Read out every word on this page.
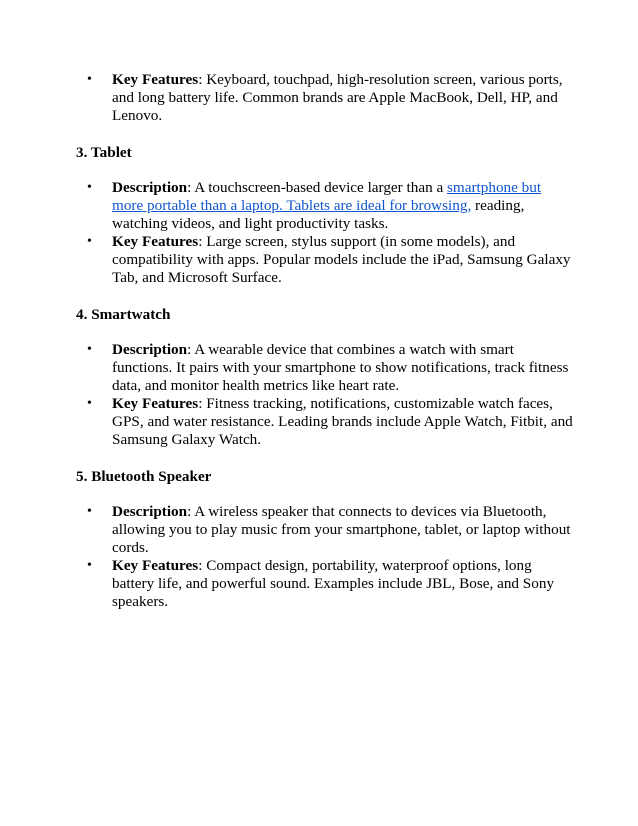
• Key Features: Keyboard, touchpad, high-resolution screen, various ports, and long battery life. Common brands are Apple MacBook, Dell, HP, and Lenovo.

3. Tablet

• Description: A touchscreen-based device larger than a smartphone but more portable than a laptop. Tablets are ideal for browsing, reading, watching videos, and light productivity tasks.
• Key Features: Large screen, stylus support (in some models), and compatibility with apps. Popular models include the iPad, Samsung Galaxy Tab, and Microsoft Surface.

4. Smartwatch

• Description: A wearable device that combines a watch with smart functions. It pairs with your smartphone to show notifications, track fitness data, and monitor health metrics like heart rate.
• Key Features: Fitness tracking, notifications, customizable watch faces, GPS, and water resistance. Leading brands include Apple Watch, Fitbit, and Samsung Galaxy Watch.

5. Bluetooth Speaker

• Description: A wireless speaker that connects to devices via Bluetooth, allowing you to play music from your smartphone, tablet, or laptop without cords.
• Key Features: Compact design, portability, waterproof options, long battery life, and powerful sound. Examples include JBL, Bose, and Sony speakers.
